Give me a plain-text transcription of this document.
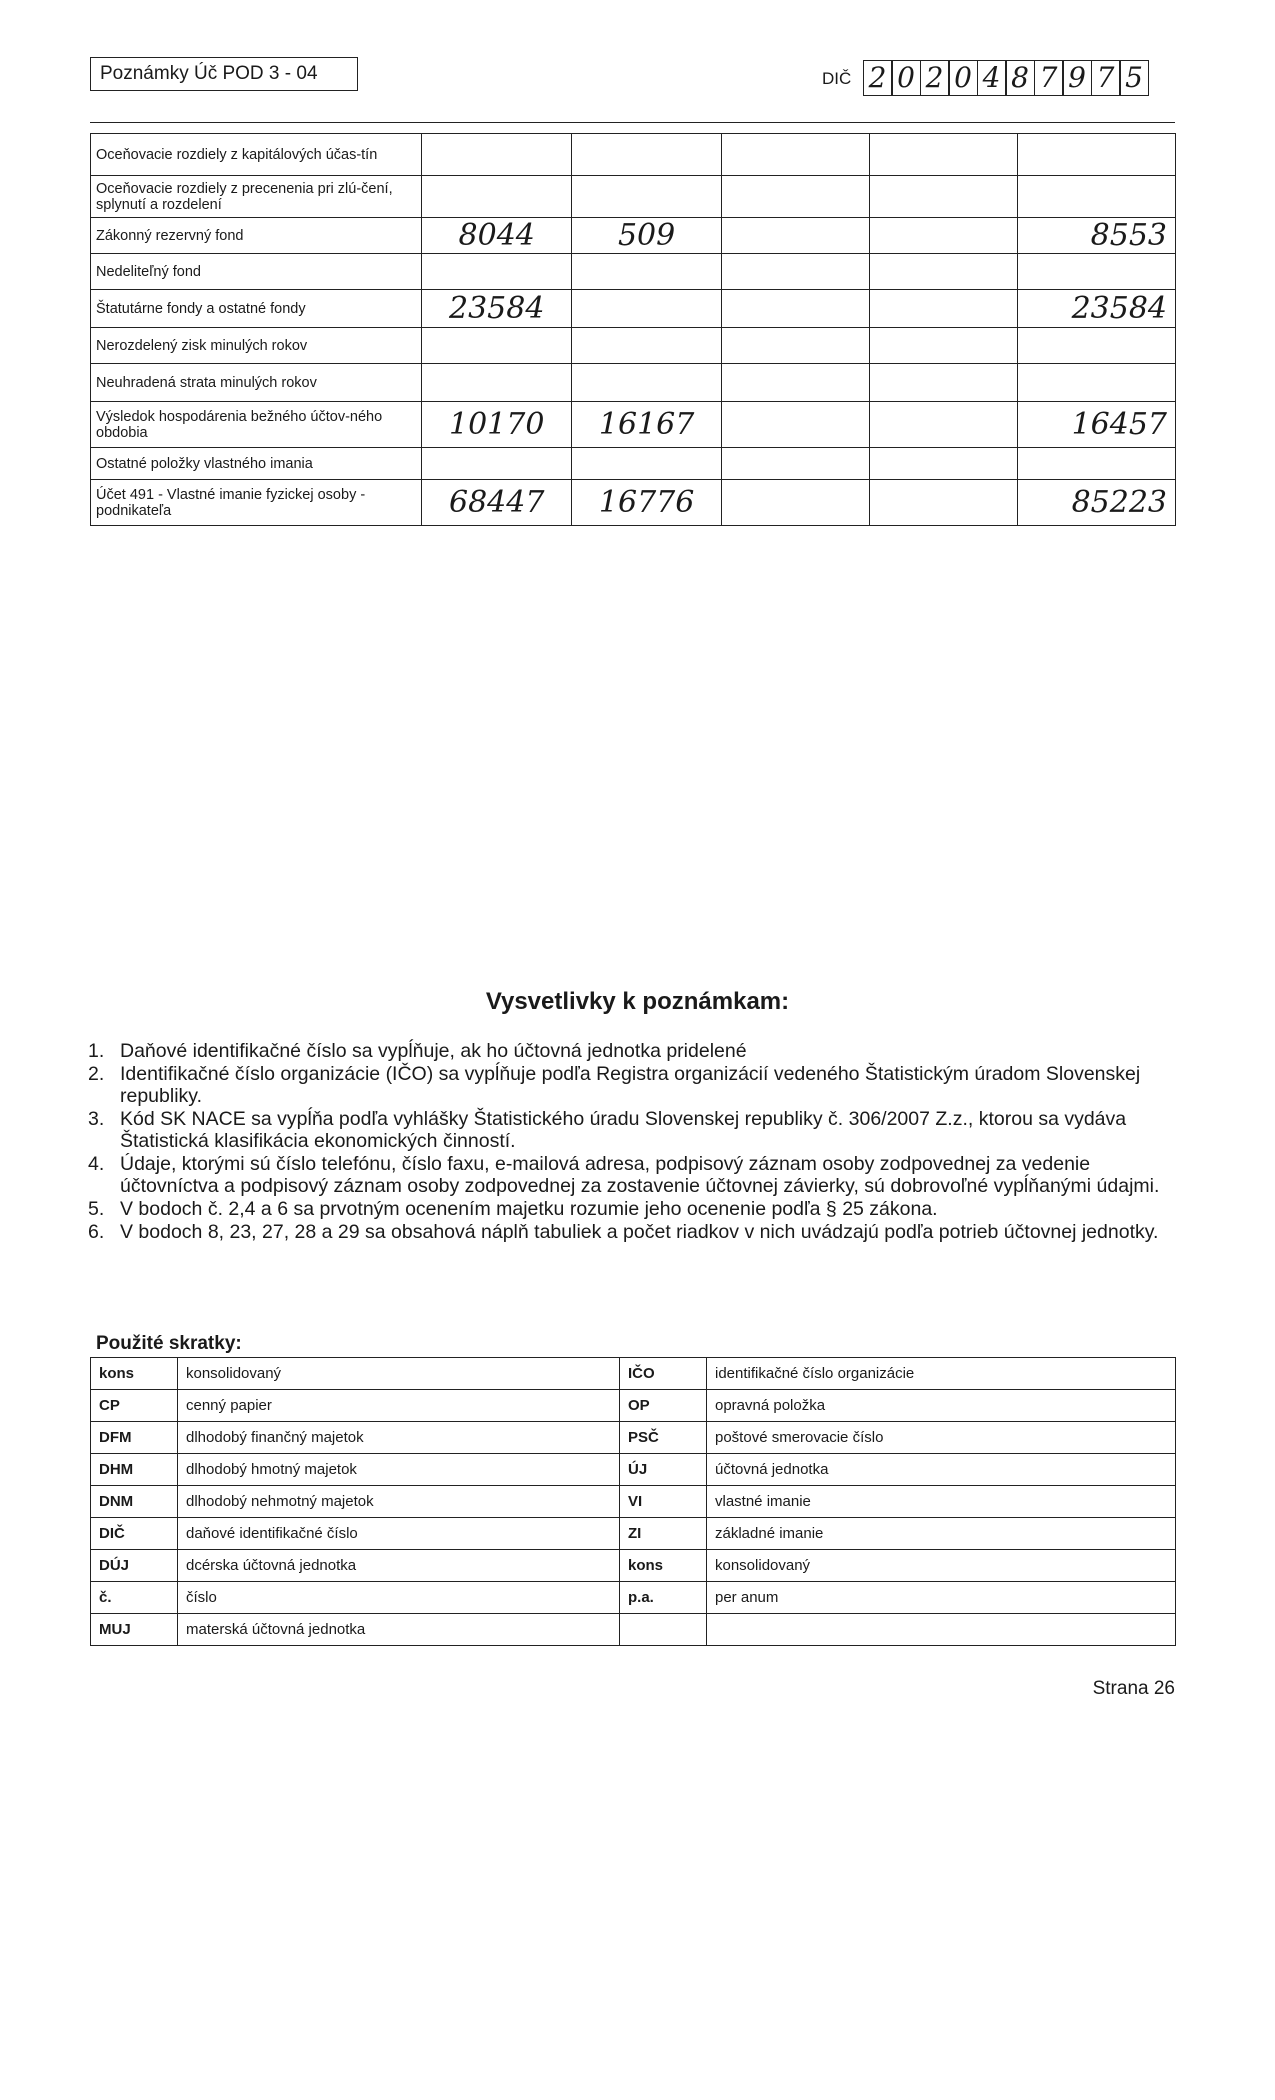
Poznámky Úč POD 3 - 04	DIČ 2 0 2 0 4 8 7 9 7 5
Oceňovacie rozdiely z kapitálových účas-tín					
Oceňovacie rozdiely z precenenia pri zlú-čení, splynutí a rozdelení					
Zákonný rezervný fond	8044	509			8553
Nedeliteľný fond					
Štatutárne fondy a ostatné fondy	23584				23584
Nerozdelený zisk minulých rokov					
Neuhradená strata minulých rokov					
Výsledok hospodárenia bežného účtov-ného obdobia	10170	16167			16457
Ostatné položky vlastného imania					
Účet 491 - Vlastné imanie fyzickej osoby - podnikateľa	68447	16776			85223
Vysvetlivky k poznámkam:
1. Daňové identifikačné číslo sa vypĺňuje, ak ho účtovná jednotka pridelené
2. Identifikačné číslo organizácie (IČO) sa vypĺňuje podľa Registra organizácií vedeného Štatistickým úradom Slovenskej republiky.
3. Kód SK NACE sa vypĺňa podľa vyhlášky Štatistického úradu Slovenskej republiky č. 306/2007 Z.z., ktorou sa vydáva Štatistická klasifikácia ekonomických činností.
4. Údaje, ktorými sú číslo telefónu, číslo faxu, e-mailová adresa, podpisový záznam osoby zodpovednej za vedenie účtovníctva a podpisový záznam osoby zodpovednej za zostavenie účtovnej závierky, sú dobrovoľné vypĺňanými údajmi.
5. V bodoch č. 2,4 a 6 sa prvotným ocenením majetku rozumie jeho ocenenie podľa § 25 zákona.
6. V bodoch 8, 23, 27, 28 a 29 sa obsahová náplň tabuliek a počet riadkov v nich uvádzajú podľa potrieb účtovnej jednotky.
Použité skratky:
kons	konsolidovaný	IČO	identifikačné číslo organizácie
CP	cenný papier	OP	opravná položka
DFM	dlhodobý finančný majetok	PSČ	poštové smerovacie číslo
DHM	dlhodobý hmotný majetok	ÚJ	účtovná jednotka
DNM	dlhodobý nehmotný majetok	VI	vlastné imanie
DIČ	daňové identifikačné číslo	ZI	základné imanie
DÚJ	dcérska účtovná jednotka	kons	konsolidovaný
č.	číslo	p.a.	per anum
MUJ	materská účtovná jednotka		
Strana 26
